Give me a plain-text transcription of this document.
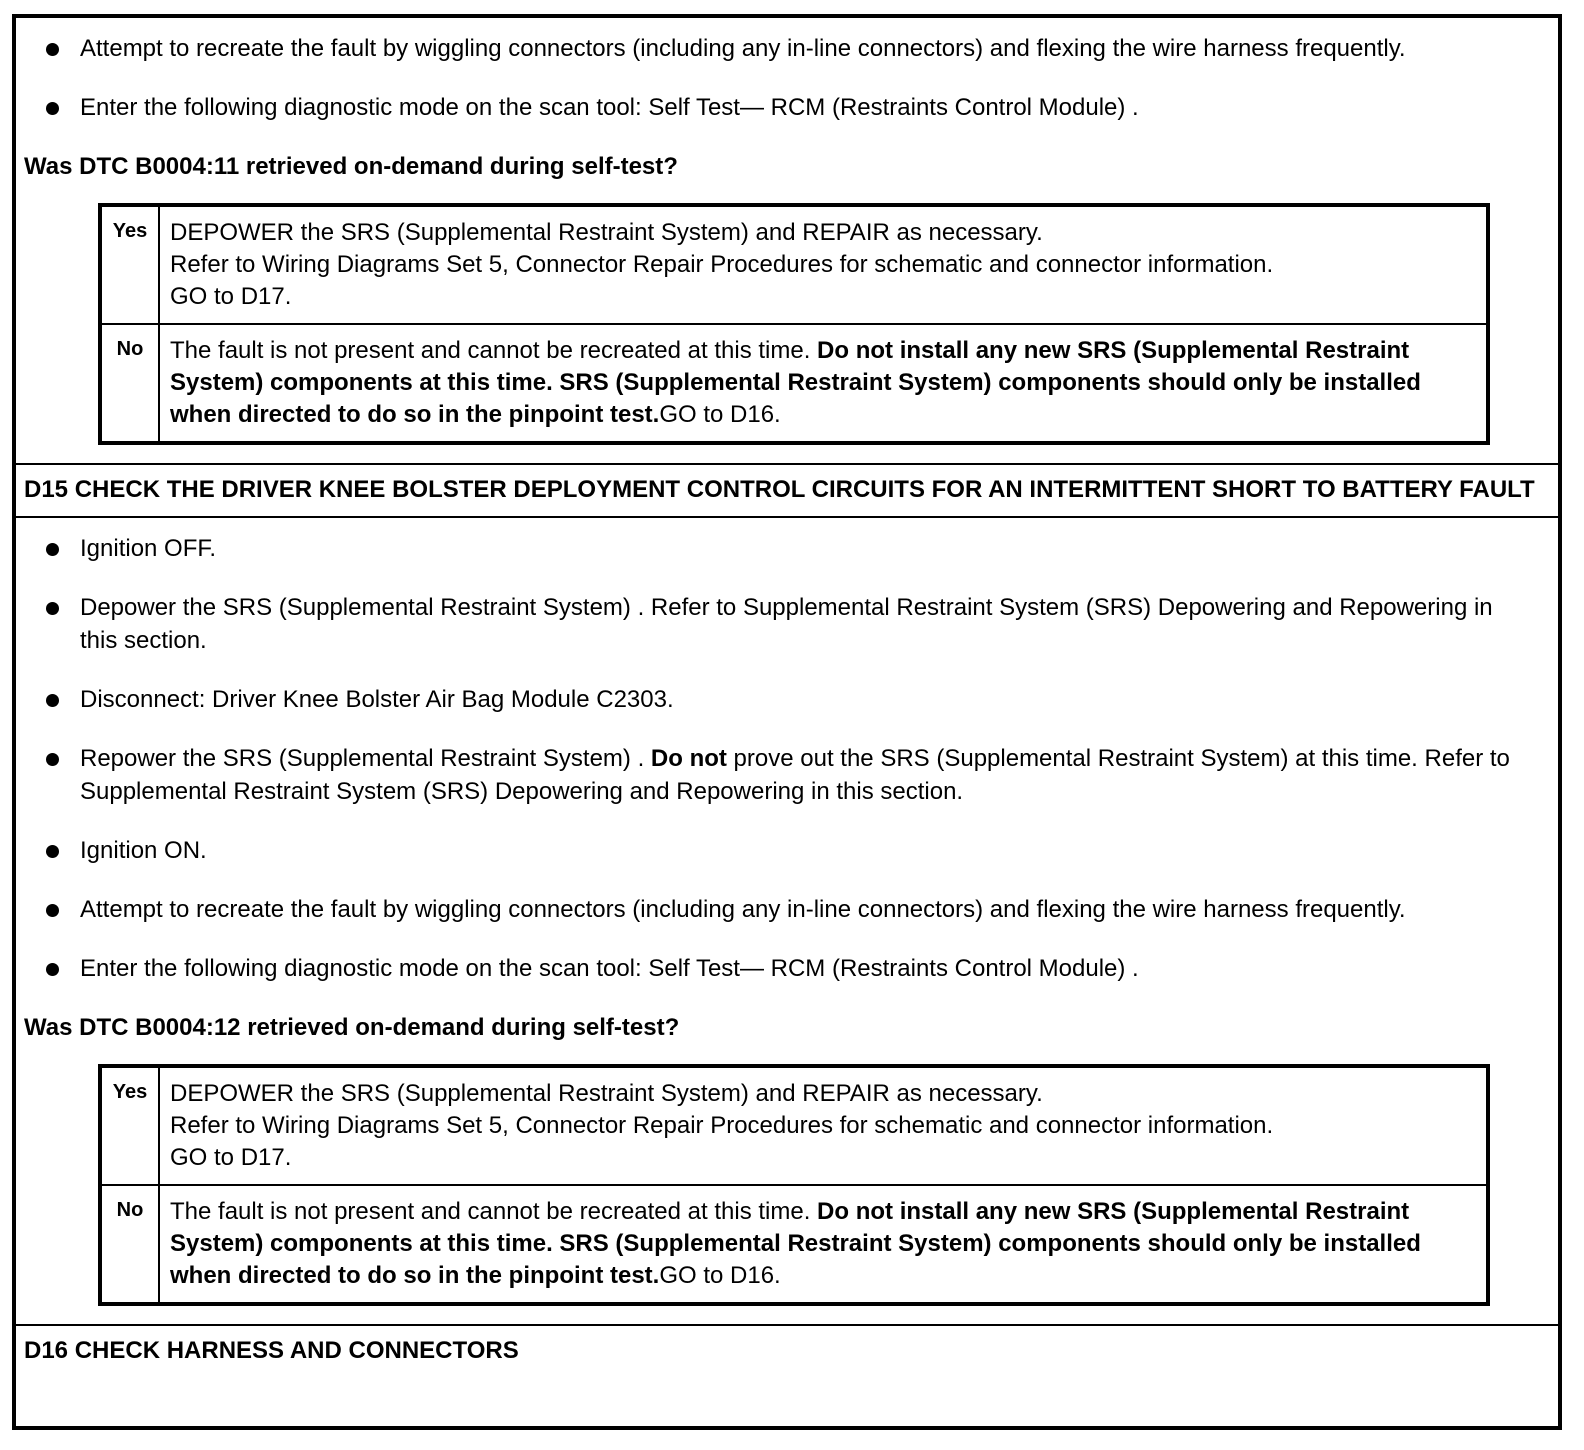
Attempt to recreate the fault by wiggling connectors (including any in-line connectors) and flexing the wire harness frequently.
Enter the following diagnostic mode on the scan tool: Self Test— RCM (Restraints Control Module) .
Was DTC B0004:11 retrieved on-demand during self-test?
Yes	DEPOWER the SRS (Supplemental Restraint System) and REPAIR as necessary.
Refer to Wiring Diagrams Set 5, Connector Repair Procedures for schematic and connector information.
GO to D17.

No	The fault is not present and cannot be recreated at this time. Do not install any new SRS (Supplemental Restraint System) components at this time. SRS (Supplemental Restraint System) components should only be installed when directed to do so in the pinpoint test.GO to D16.
D15 CHECK THE DRIVER KNEE BOLSTER DEPLOYMENT CONTROL CIRCUITS FOR AN INTERMITTENT SHORT TO BATTERY FAULT
Ignition OFF.
Depower the SRS (Supplemental Restraint System) . Refer to Supplemental Restraint System (SRS) Depowering and Repowering in this section.
Disconnect: Driver Knee Bolster Air Bag Module C2303.
Repower the SRS (Supplemental Restraint System) . Do not prove out the SRS (Supplemental Restraint System) at this time. Refer to Supplemental Restraint System (SRS) Depowering and Repowering in this section.
Ignition ON.
Attempt to recreate the fault by wiggling connectors (including any in-line connectors) and flexing the wire harness frequently.
Enter the following diagnostic mode on the scan tool: Self Test— RCM (Restraints Control Module) .
Was DTC B0004:12 retrieved on-demand during self-test?
Yes	DEPOWER the SRS (Supplemental Restraint System) and REPAIR as necessary.
Refer to Wiring Diagrams Set 5, Connector Repair Procedures for schematic and connector information.
GO to D17.

No	The fault is not present and cannot be recreated at this time. Do not install any new SRS (Supplemental Restraint System) components at this time. SRS (Supplemental Restraint System) components should only be installed when directed to do so in the pinpoint test.GO to D16.
D16 CHECK HARNESS AND CONNECTORS
